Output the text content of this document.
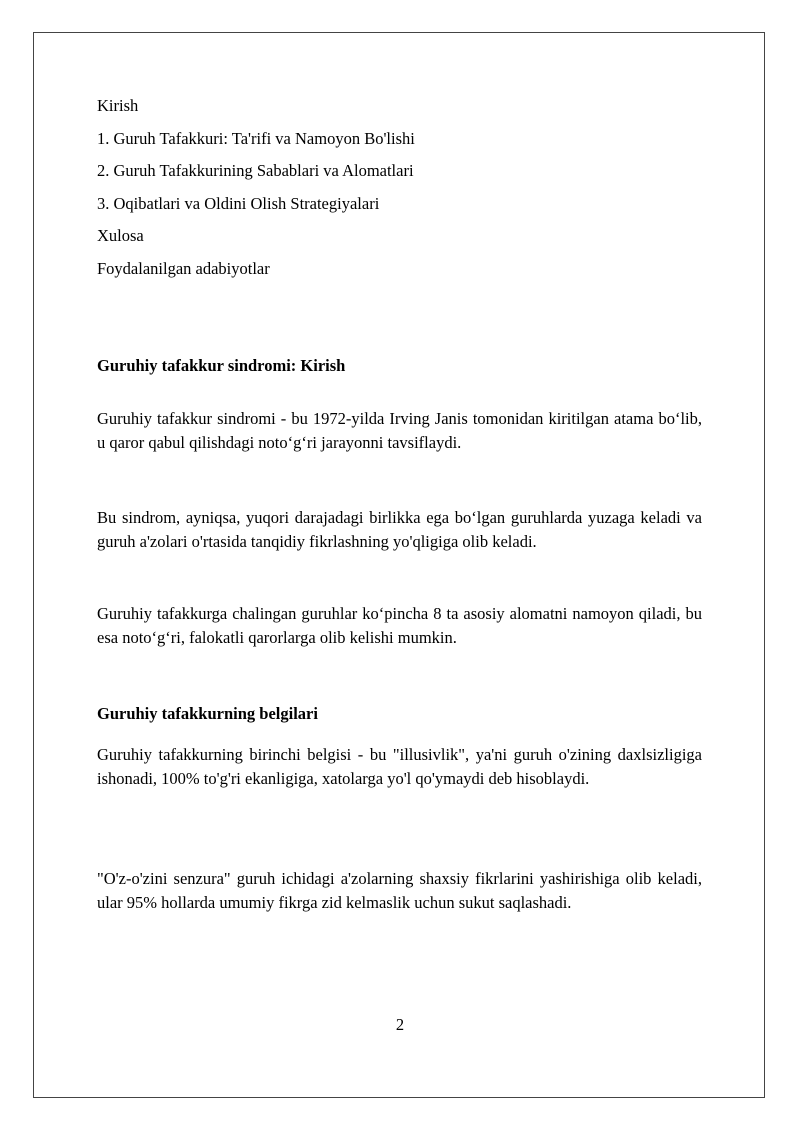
Kirish
1. Guruh Tafakkuri: Ta'rifi va Namoyon Bo'lishi
2. Guruh Tafakkurining Sabablari va Alomatlari
3. Oqibatlari va Oldini Olish Strategiyalari
Xulosa
Foydalanilgan adabiyotlar
Guruhiy tafakkur sindromi: Kirish
Guruhiy tafakkur sindromi - bu 1972-yilda Irving Janis tomonidan kiritilgan atama bo‘lib, u qaror qabul qilishdagi noto‘g‘ri jarayonni tavsiflaydi.
Bu sindrom, ayniqsa, yuqori darajadagi birlikka ega bo‘lgan guruhlarda yuzaga keladi va guruh a'zolari o'rtasida tanqidiy fikrlashning yo'qligiga olib keladi.
Guruhiy tafakkurga chalingan guruhlar ko‘pincha 8 ta asosiy alomatni namoyon qiladi, bu esa noto‘g‘ri, falokatli qarorlarga olib kelishi mumkin.
Guruhiy tafakkurning belgilari
Guruhiy tafakkurning birinchi belgisi - bu "illusivlik", ya'ni guruh o'zining daxlsizligiga ishonadi, 100% to'g'ri ekanligiga, xatolarga yo'l qo'ymaydi deb hisoblaydi.
"O'z-o'zini senzura" guruh ichidagi a'zolarning shaxsiy fikrlarini yashirishiga olib keladi, ular 95% hollarda umumiy fikrga zid kelmaslik uchun sukut saqlashadi.
2
